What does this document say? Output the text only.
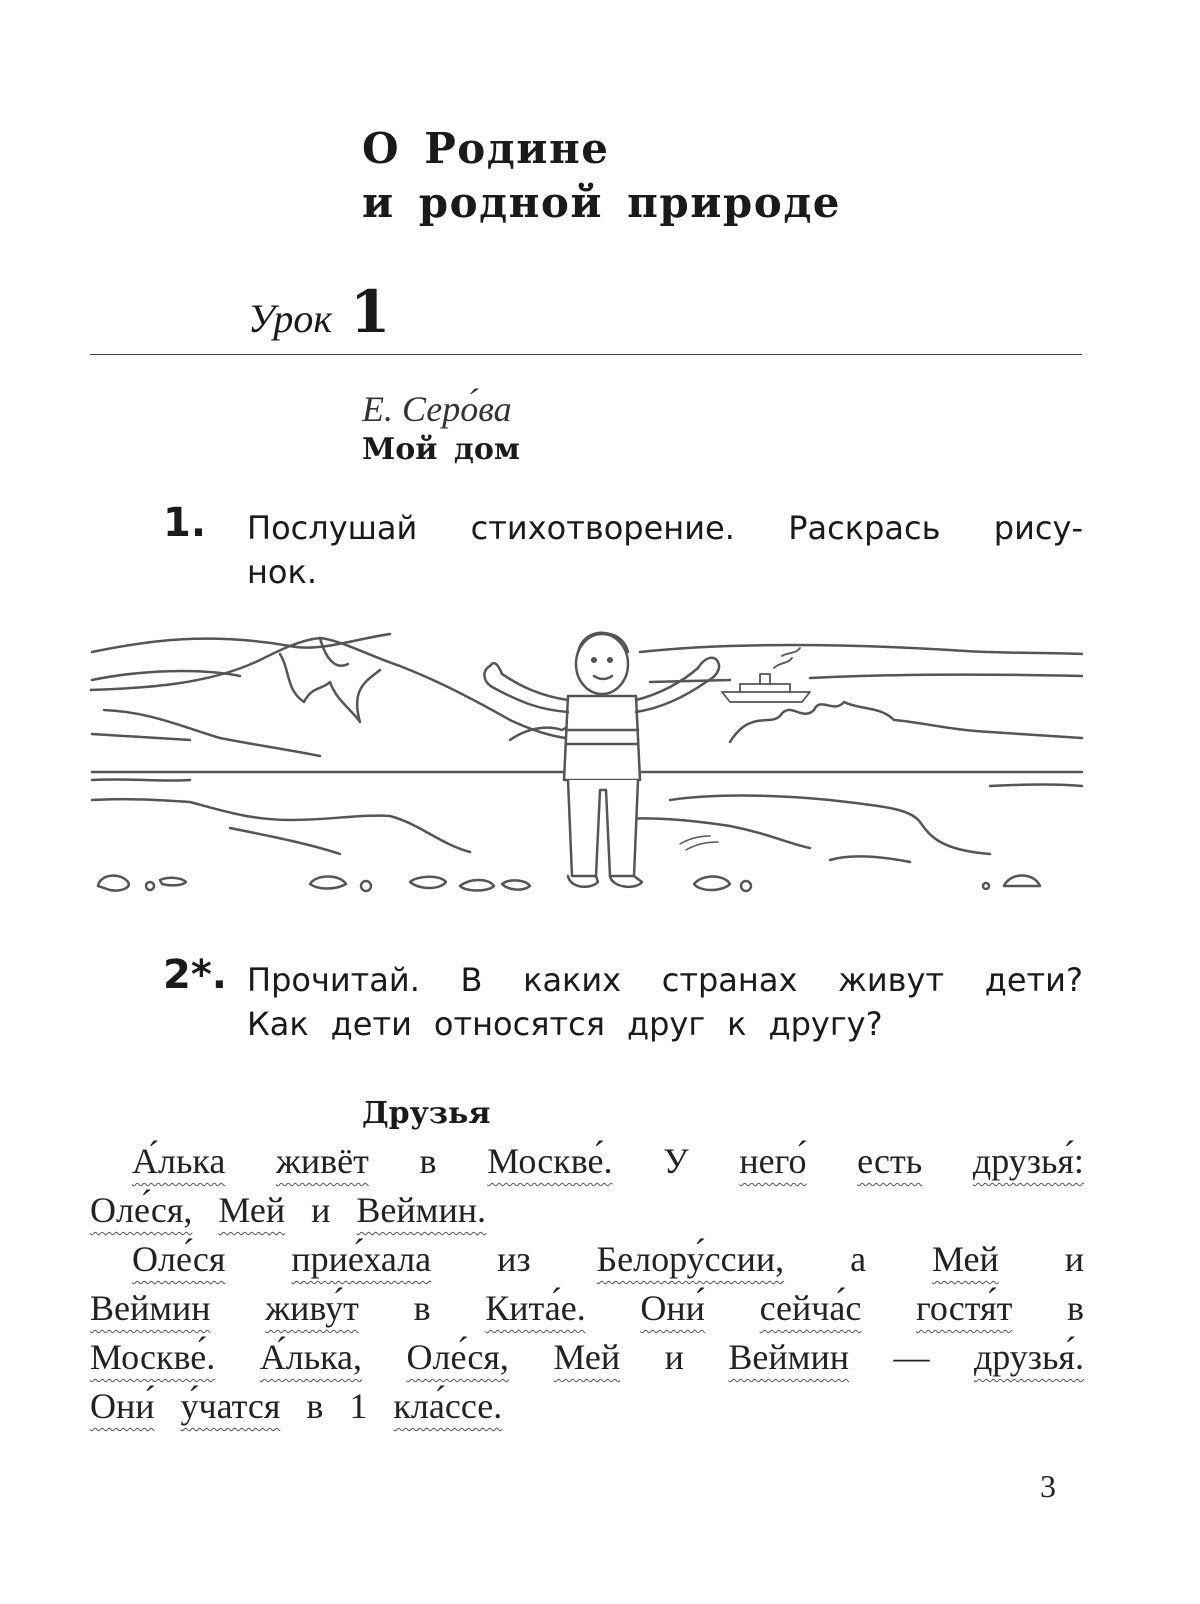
О Родине
и родной природе
Урок 1
Е. Серо́ва
Мой дом
1. Послушай стихотворение. Раскрась рису-
нок.
2*. Прочитай. В каких странах живут дети?
Как дети относятся друг к другу?
Друзья
А́лька живёт в Москве́. У него́ есть друзья́:
Оле́ся, Мей и Веймин.
Оле́ся прие́хала из Белору́ссии, а Мей и
Веймин живу́т в Кита́е. Они́ сейча́с гостя́т в
Москве́. А́лька, Оле́ся, Мей и Веймин — друзья́.
Они́ у́чатся в 1 кла́ссе.
3
